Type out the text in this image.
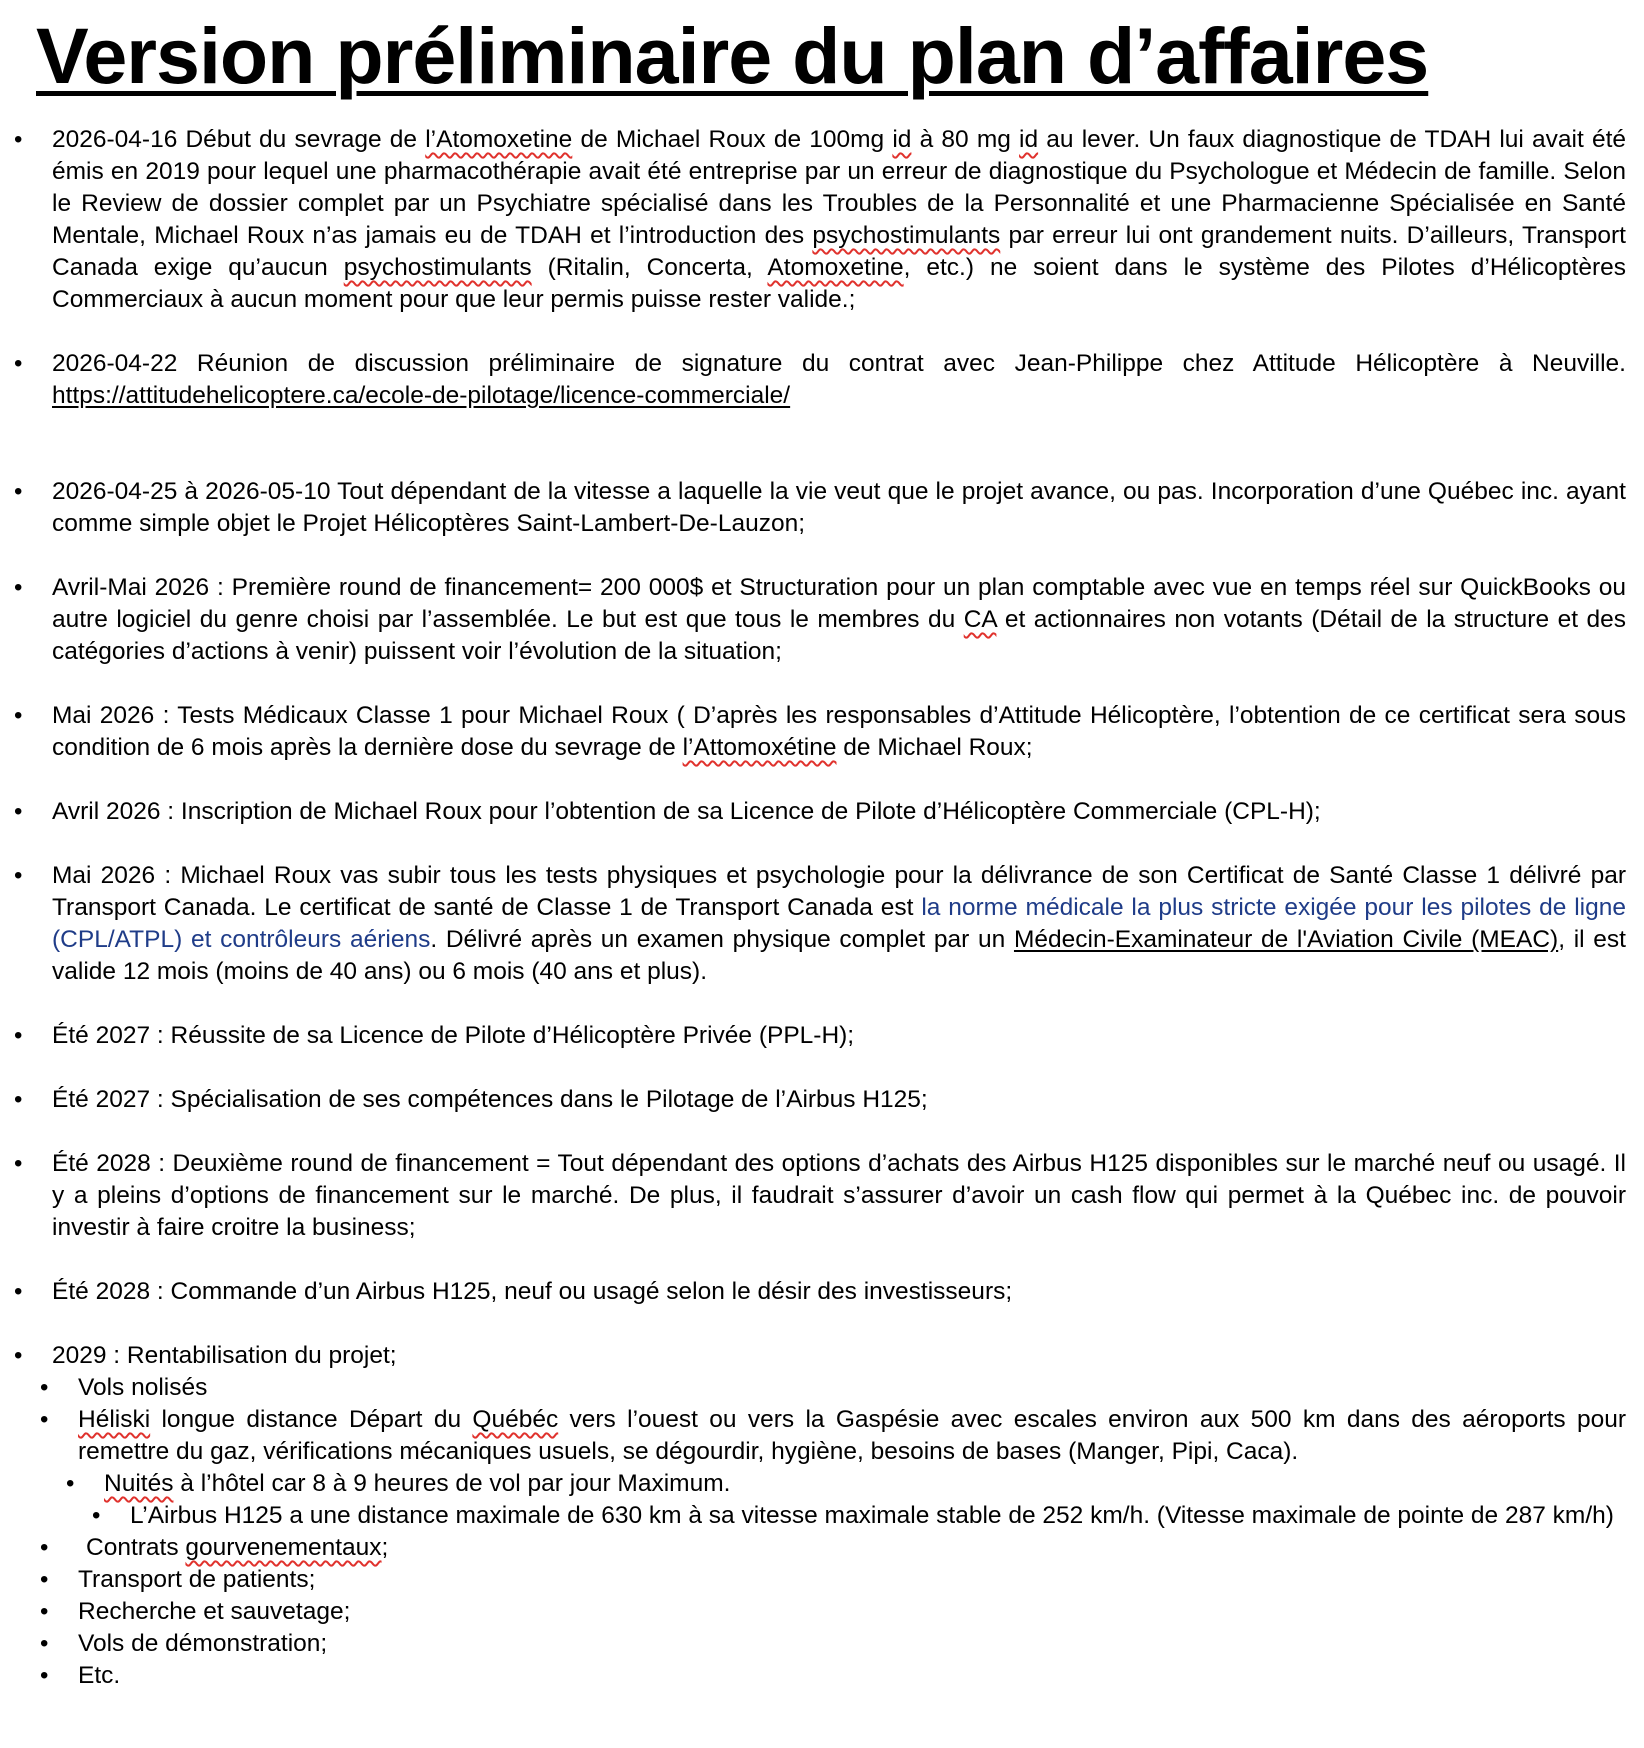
Version préliminaire du plan d’affaires
• 2026-04-16 Début du sevrage de l’Atomoxetine de Michael Roux de 100mg id à 80 mg id au lever. Un faux diagnostique de TDAH lui avait été émis en 2019 pour lequel une pharmacothérapie avait été entreprise par un erreur de diagnostique du Psychologue et Médecin de famille. Selon le Review de dossier complet par un Psychiatre spécialisé dans les Troubles de la Personnalité et une Pharmacienne Spécialisée en Santé Mentale, Michael Roux n’as jamais eu de TDAH et l’introduction des psychostimulants par erreur lui ont grandement nuits. D’ailleurs, Transport Canada exige qu’aucun psychostimulants (Ritalin, Concerta, Atomoxetine, etc.) ne soient dans le système des Pilotes d’Hélicoptères Commerciaux à aucun moment pour que leur permis puisse rester valide.;
• 2026-04-22 Réunion de discussion préliminaire de signature du contrat avec Jean-Philippe chez Attitude Hélicoptère à Neuville. https://attitudehelicoptere.ca/ecole-de-pilotage/licence-commerciale/
• 2026-04-25 à 2026-05-10 Tout dépendant de la vitesse a laquelle la vie veut que le projet avance, ou pas. Incorporation d’une Québec inc. ayant comme simple objet le Projet Hélicoptères Saint-Lambert-De-Lauzon;
• Avril-Mai 2026 : Première round de financement= 200 000$ et Structuration pour un plan comptable avec vue en temps réel sur QuickBooks ou autre logiciel du genre choisi par l’assemblée. Le but est que tous le membres du CA et actionnaires non votants (Détail de la structure et des catégories d’actions à venir) puissent voir l’évolution de la situation;
• Mai 2026 : Tests Médicaux Classe 1 pour Michael Roux ( D’après les responsables d’Attitude Hélicoptère, l’obtention de ce certificat sera sous condition de 6 mois après la dernière dose du sevrage de l’Attomoxétine de Michael Roux;
• Avril 2026 : Inscription de Michael Roux pour l’obtention de sa Licence de Pilote d’Hélicoptère Commerciale (CPL-H);
• Mai 2026 : Michael Roux vas subir tous les tests physiques et psychologie pour la délivrance de son Certificat de Santé Classe 1 délivré par Transport Canada. Le certificat de santé de Classe 1 de Transport Canada est la norme médicale la plus stricte exigée pour les pilotes de ligne (CPL/ATPL) et contrôleurs aériens. Délivré après un examen physique complet par un Médecin-Examinateur de l'Aviation Civile (MEAC), il est valide 12 mois (moins de 40 ans) ou 6 mois (40 ans et plus).
• Été 2027 : Réussite de sa Licence de Pilote d’Hélicoptère Privée (PPL-H);
• Été 2027 : Spécialisation de ses compétences dans le Pilotage de l’Airbus H125;
• Été 2028 : Deuxième round de financement = Tout dépendant des options d’achats des Airbus H125 disponibles sur le marché neuf ou usagé. Il y a pleins d’options de financement sur le marché. De plus, il faudrait s’assurer d’avoir un cash flow qui permet à la Québec inc. de pouvoir investir à faire croitre la business;
• Été 2028 : Commande d’un Airbus H125, neuf ou usagé selon le désir des investisseurs;
• 2029 : Rentabilisation du projet;
• Vols nolisés
• Héliski longue distance Départ du Québéc vers l’ouest ou vers la Gaspésie avec escales environ aux 500 km dans des aéroports pour remettre du gaz, vérifications mécaniques usuels, se dégourdir, hygiène, besoins de bases (Manger, Pipi, Caca).
• Nuités à l’hôtel car 8 à 9 heures de vol par jour Maximum.
• L’Airbus H125 a une distance maximale de 630 km à sa vitesse maximale stable de 252 km/h. (Vitesse maximale de pointe de 287 km/h)
• Contrats gourvenementaux;
• Transport de patients;
• Recherche et sauvetage;
• Vols de démonstration;
• Etc.
